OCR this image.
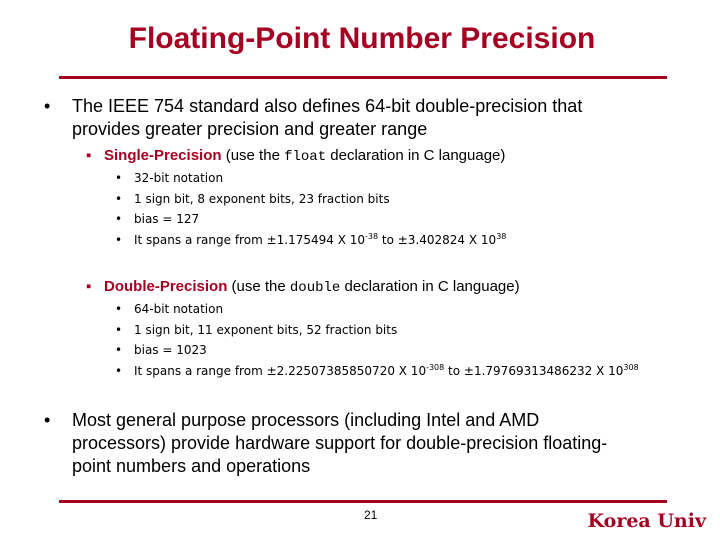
Floating-Point Number Precision
• The IEEE 754 standard also defines 64-bit double-precision that
provides greater precision and greater range
▪ Single-Precision (use the float declaration in C language)
• 32-bit notation
• 1 sign bit, 8 exponent bits, 23 fraction bits
• bias = 127
• It spans a range from ±1.175494 X $10^{-38}$ to ±3.402824 X $10^{38}$
▪ Double-Precision (use the double declaration in C language)
• 64-bit notation
• 1 sign bit, 11 exponent bits, 52 fraction bits
• bias = 1023
• It spans a range from ±2.22507385850720 X $10^{-308}$ to ±1.79769313486232 X $10^{308}$
• Most general purpose processors (including Intel and AMD
processors) provide hardware support for double-precision floating-
point numbers and operations
21	Korea Univ
